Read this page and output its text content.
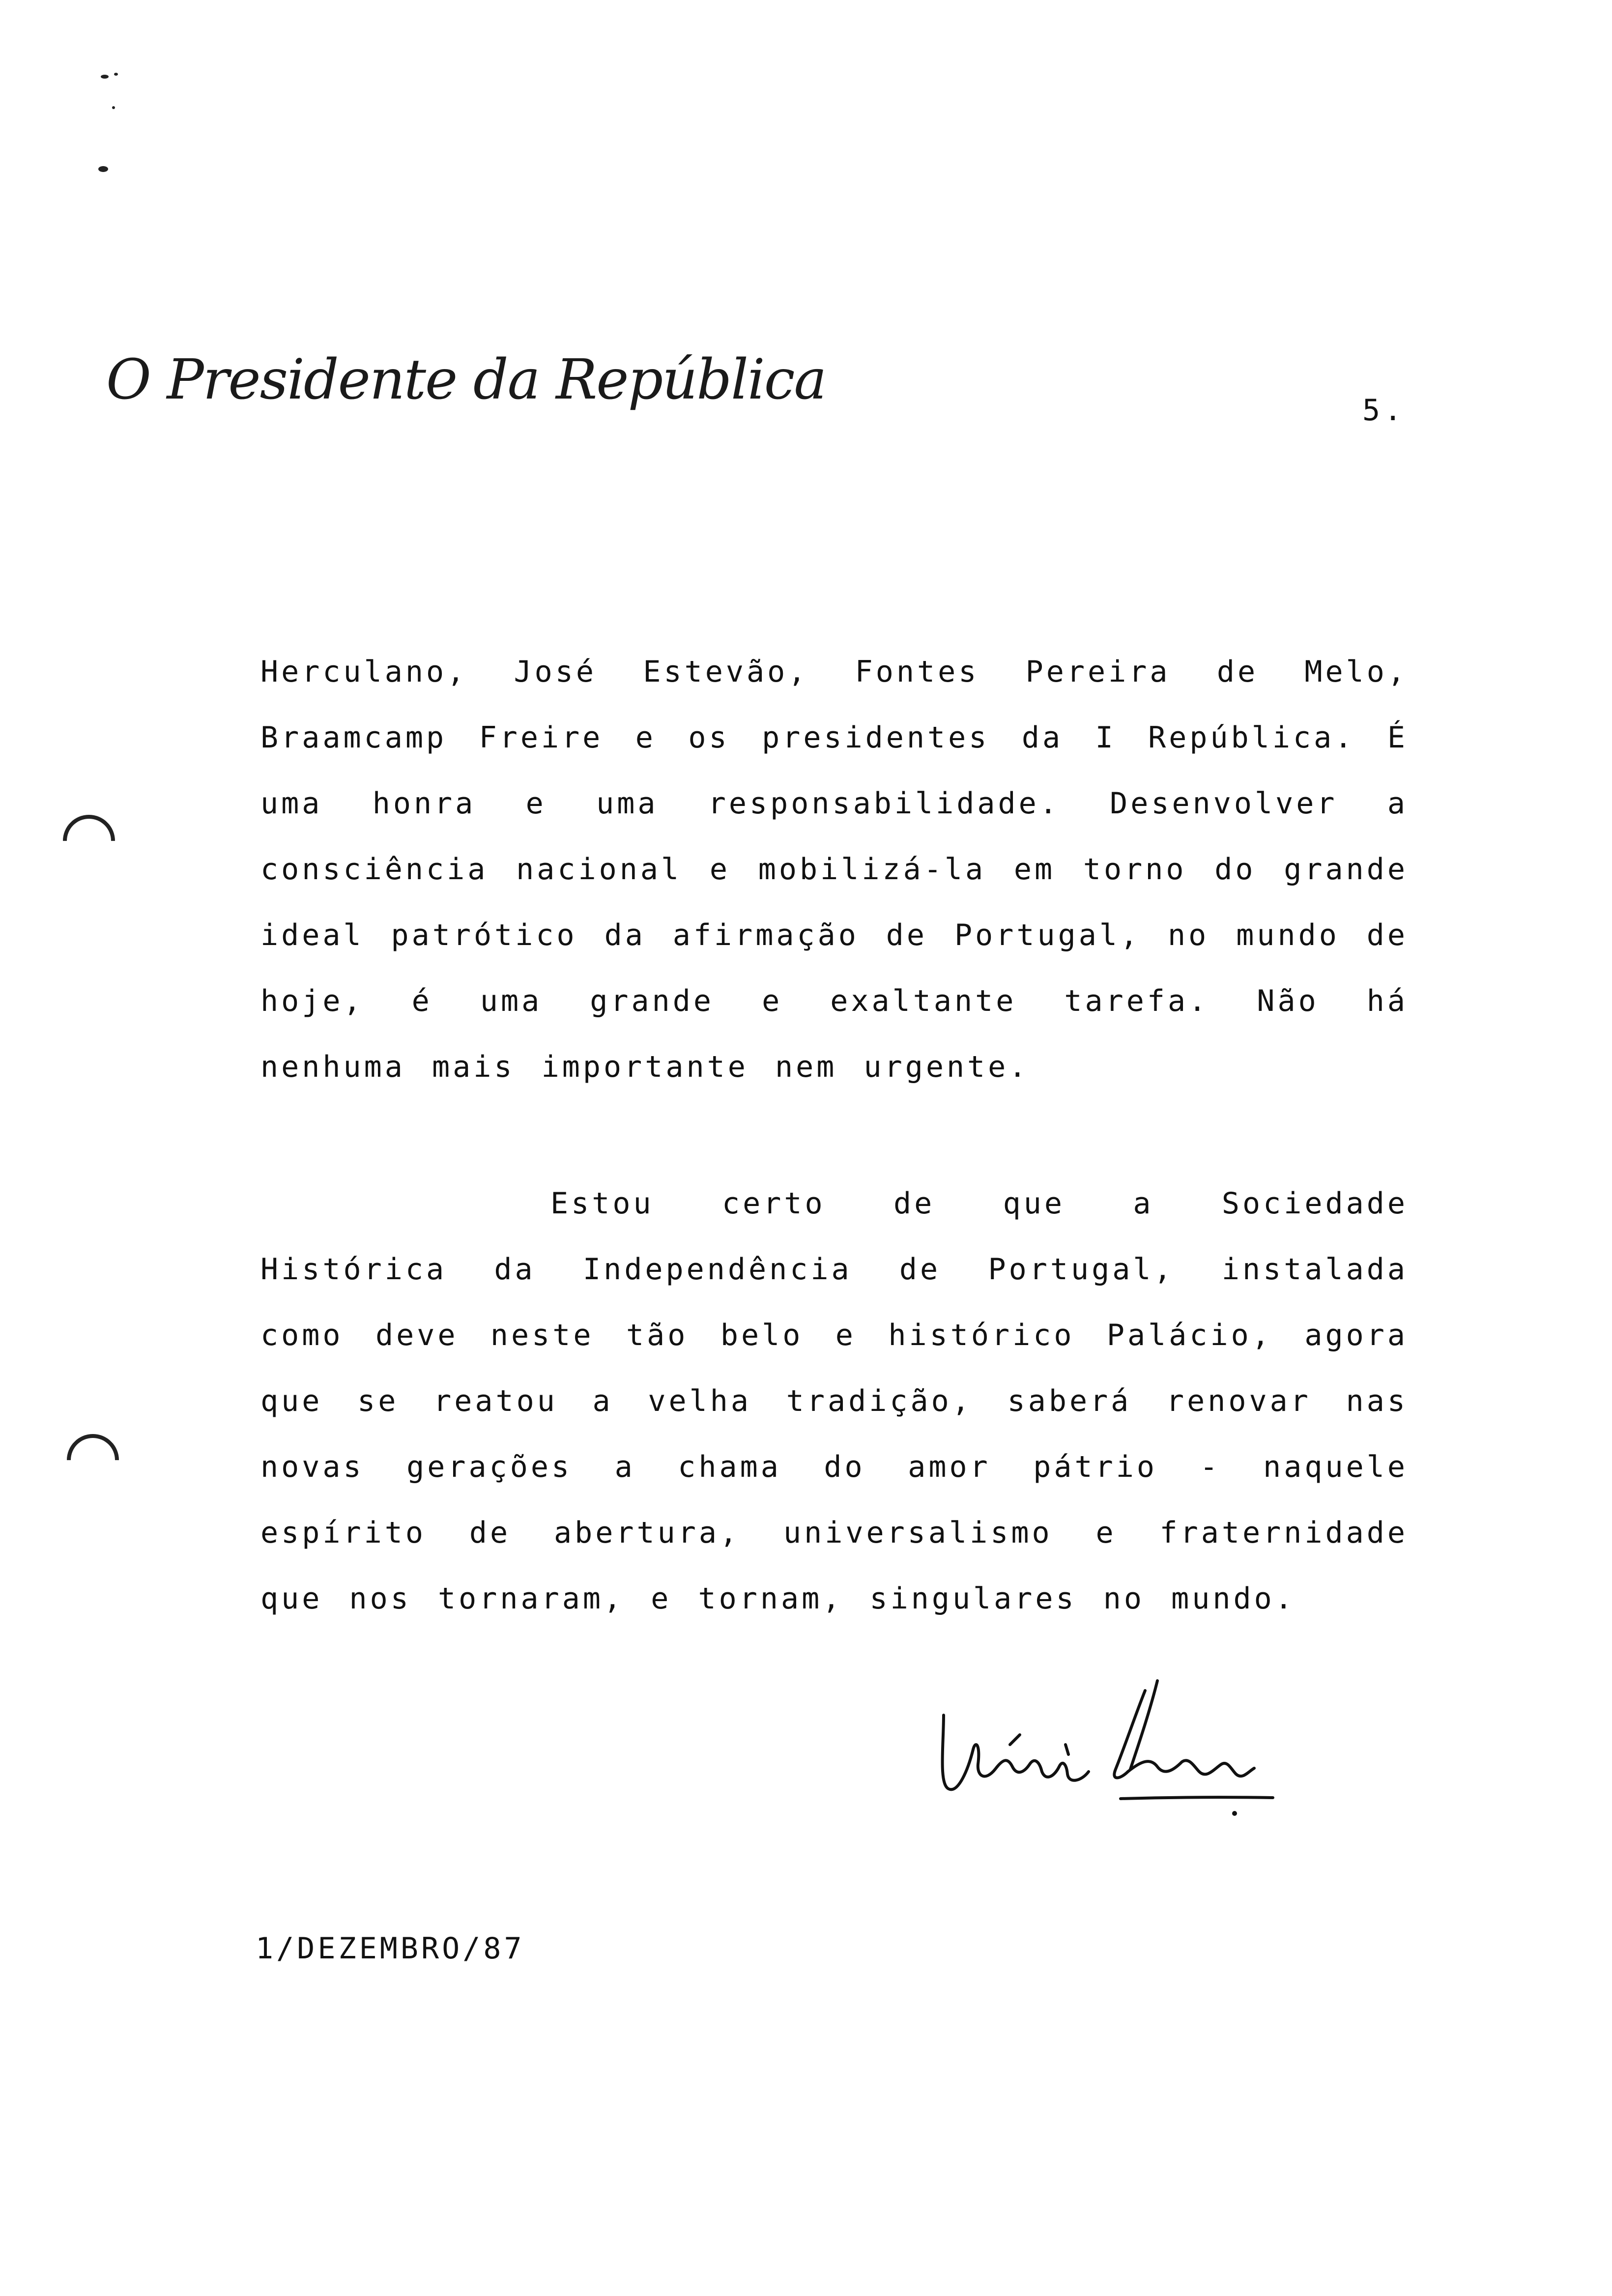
O Presidente da República	5.

Herculano, José Estevão, Fontes Pereira de Melo, Braamcamp Freire e os presidentes da I República. É uma honra e uma responsabilidade. Desenvolver a consciência nacional e mobilizá-la em torno do grande ideal patrótico da afirmação de Portugal, no mundo de hoje, é uma grande e exaltante tarefa. Não há nenhuma mais importante nem urgente.

Estou certo de que a Sociedade Histórica da Independência de Portugal, instalada como deve neste tão belo e histórico Palácio, agora que se reatou a velha tradição, saberá renovar nas novas gerações a chama do amor pátrio - naquele espírito de abertura, universalismo e fraternidade que nos tornaram, e tornam, singulares no mundo.

1/DEZEMBRO/87
